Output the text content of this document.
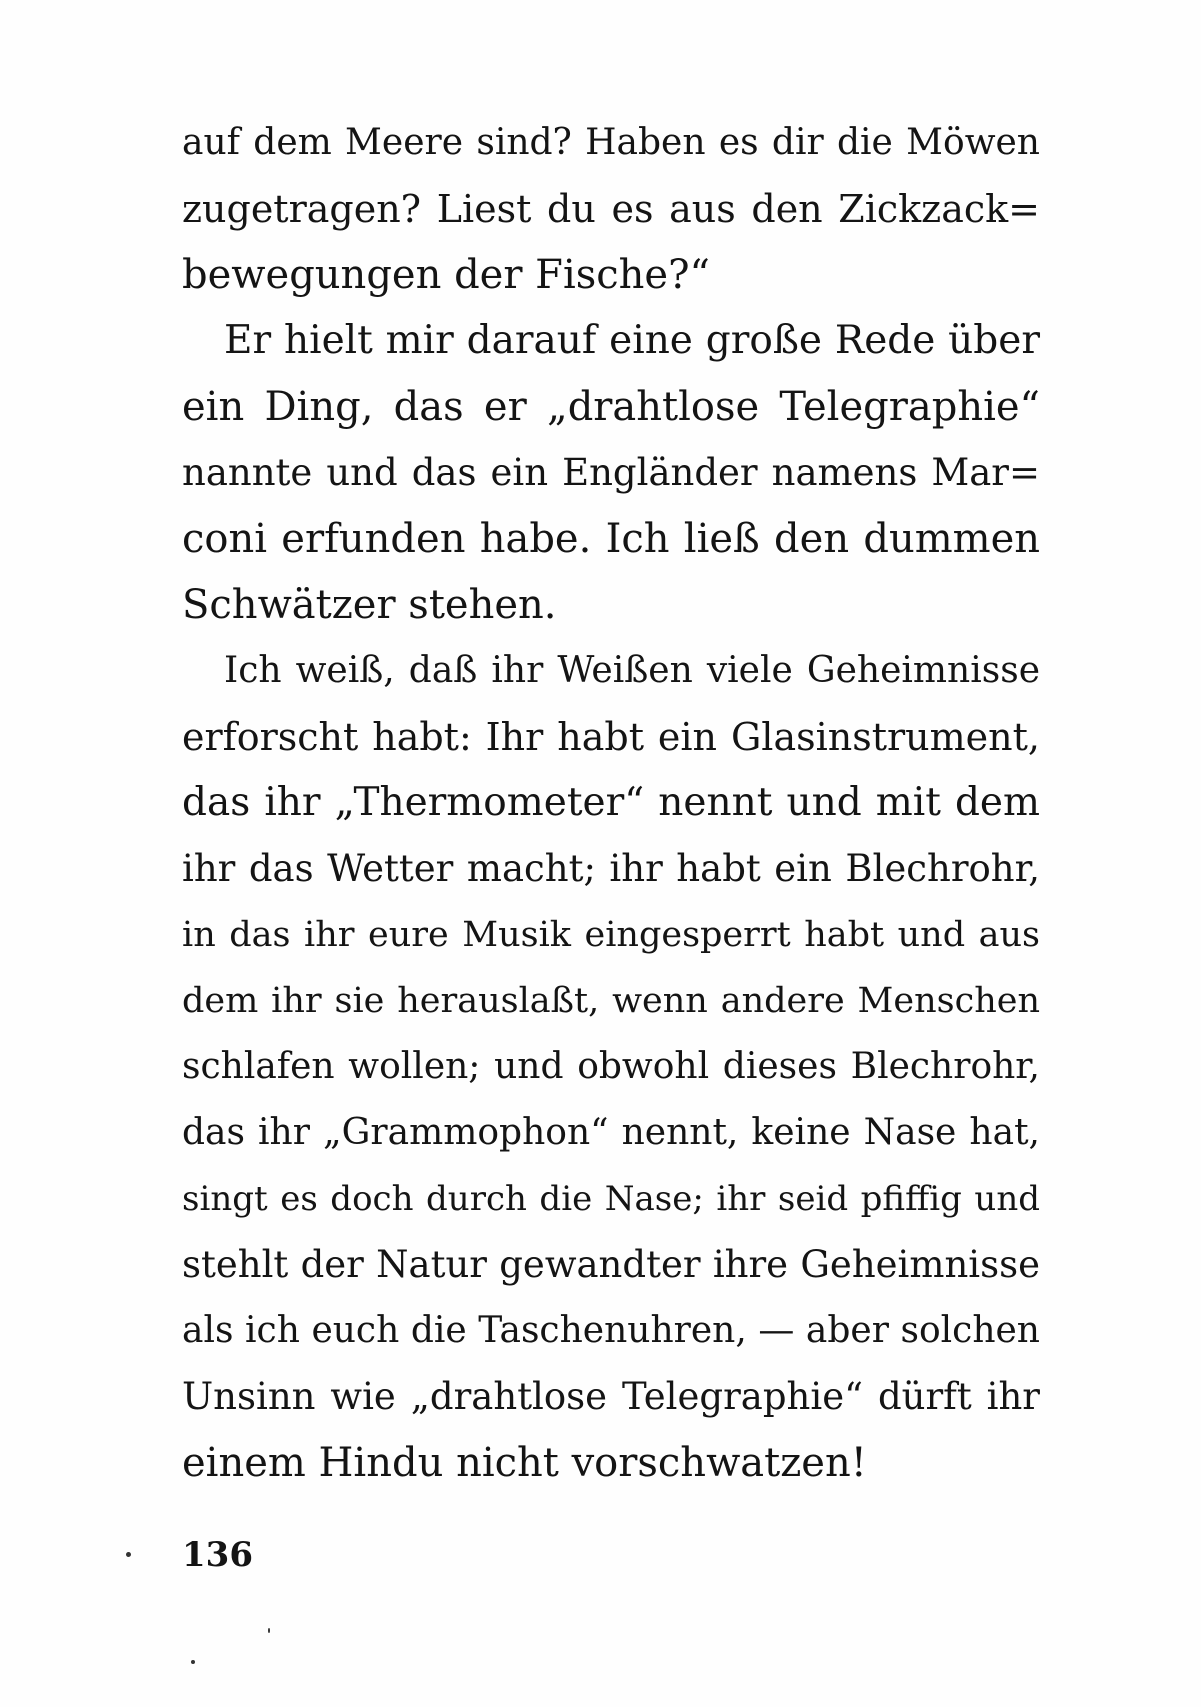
auf dem Meere sind? Haben es dir die Möwen
zugetragen? Liest du es aus den Zickzack=
bewegungen der Fische?“
Er hielt mir darauf eine große Rede über
ein Ding, das er „drahtlose Telegraphie“
nannte und das ein Engländer namens Mar=
coni erfunden habe. Ich ließ den dummen
Schwätzer stehen.
Ich weiß, daß ihr Weißen viele Geheimnisse
erforscht habt: Ihr habt ein Glasinstrument,
das ihr „Thermometer“ nennt und mit dem
ihr das Wetter macht; ihr habt ein Blechrohr,
in das ihr eure Musik eingesperrt habt und aus
dem ihr sie herauslaßt, wenn andere Menschen
schlafen wollen; und obwohl dieses Blechrohr,
das ihr „Grammophon“ nennt, keine Nase hat,
singt es doch durch die Nase; ihr seid pfiffig und
stehlt der Natur gewandter ihre Geheimnisse
als ich euch die Taschenuhren, — aber solchen
Unsinn wie „drahtlose Telegraphie“ dürft ihr
einem Hindu nicht vorschwatzen!
136
